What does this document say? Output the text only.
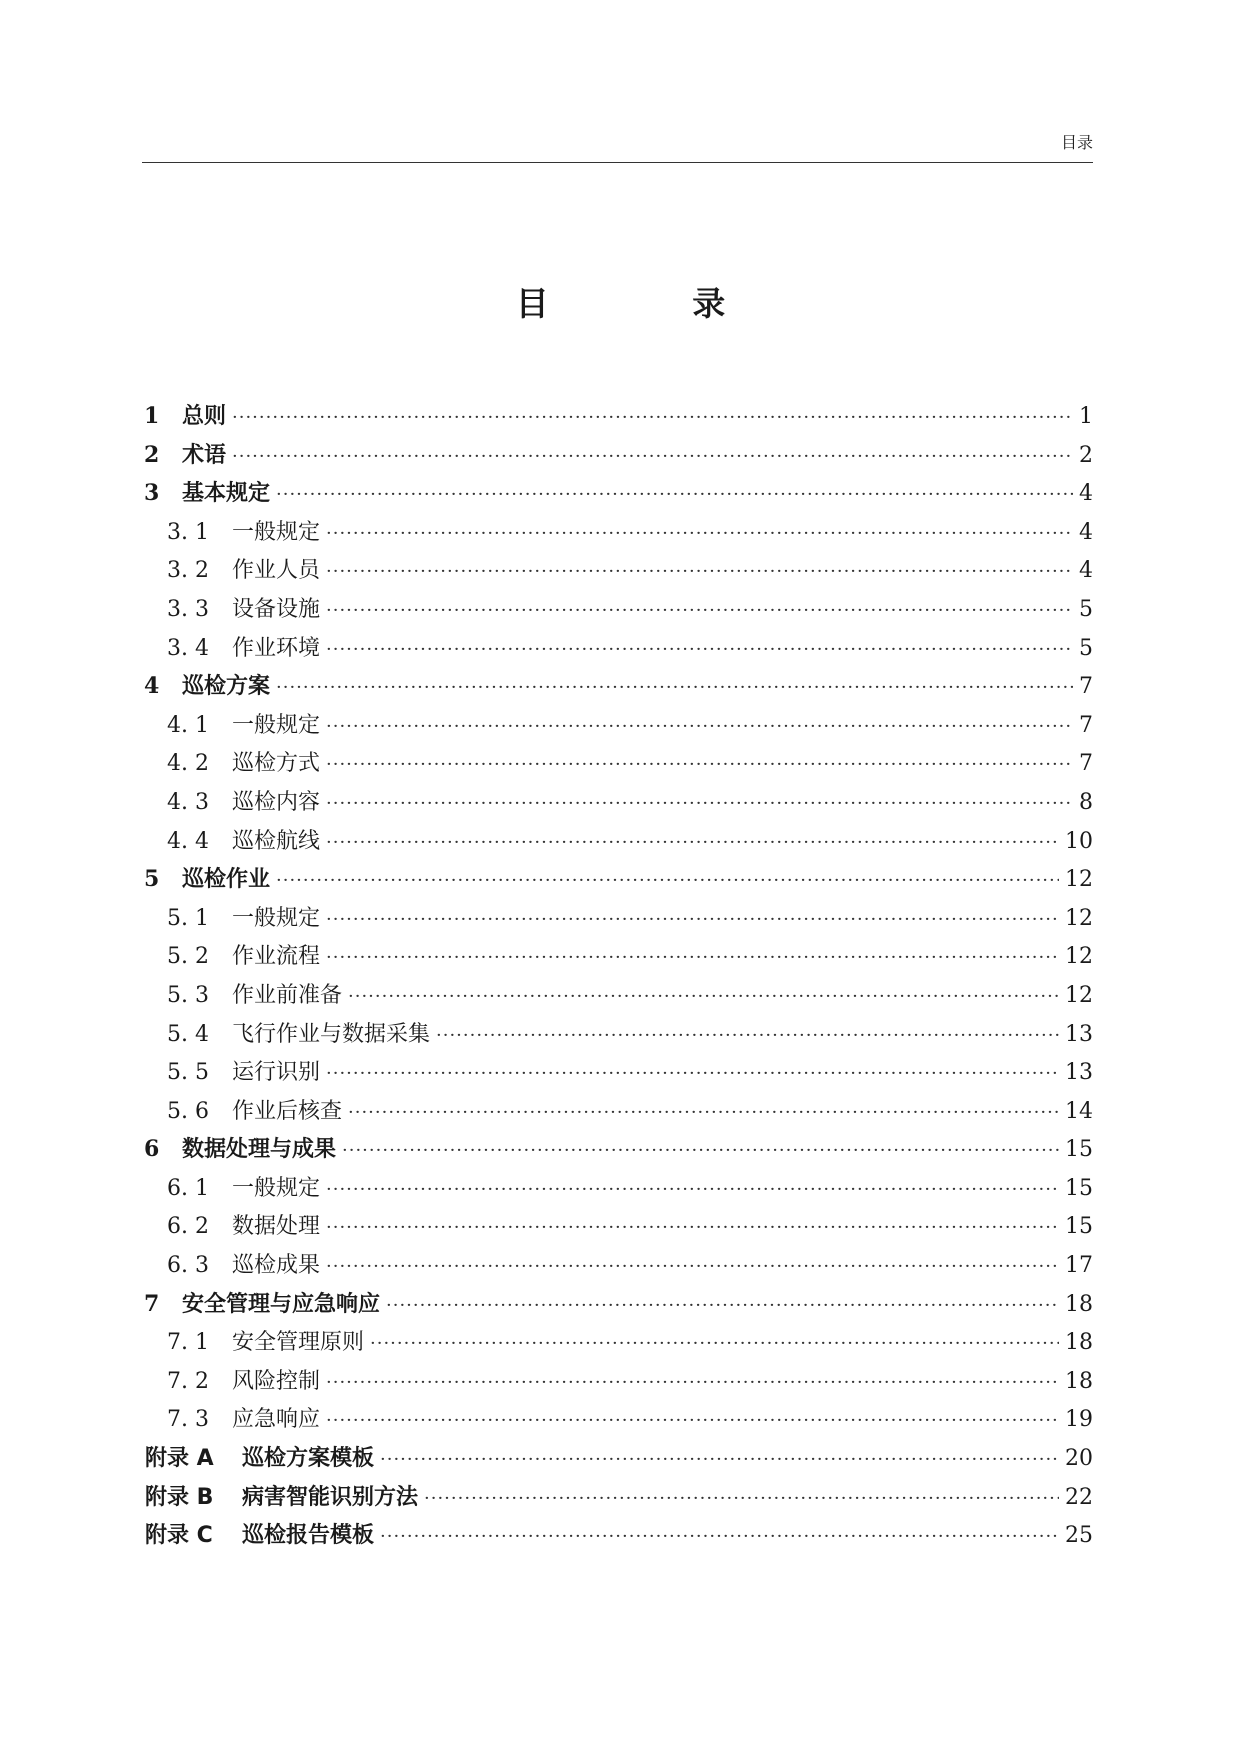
目录
目 录
1	总则 ·····	1
2	术语 ·····	2
3	基本规定 ·····	4
3. 1	一般规定 ·····	4
3. 2	作业人员 ·····	4
3. 3	设备设施 ·····	5
3. 4	作业环境 ·····	5
4	巡检方案 ·····	7
4. 1	一般规定 ·····	7
4. 2	巡检方式 ·····	7
4. 3	巡检内容 ·····	8
4. 4	巡检航线 ·····	10
5	巡检作业 ·····	12
5. 1	一般规定 ·····	12
5. 2	作业流程 ·····	12
5. 3	作业前准备 ·····	12
5. 4	飞行作业与数据采集 ·····	13
5. 5	运行识别 ·····	13
5. 6	作业后核查 ·····	14
6	数据处理与成果 ·····	15
6. 1	一般规定 ·····	15
6. 2	数据处理 ·····	15
6. 3	巡检成果 ·····	17
7	安全管理与应急响应 ·····	18
7. 1	安全管理原则 ·····	18
7. 2	风险控制 ·····	18
7. 3	应急响应 ·····	19
附录 A	巡检方案模板 ·····	20
附录 B	病害智能识别方法 ·····	22
附录 C	巡检报告模板 ·····	25
